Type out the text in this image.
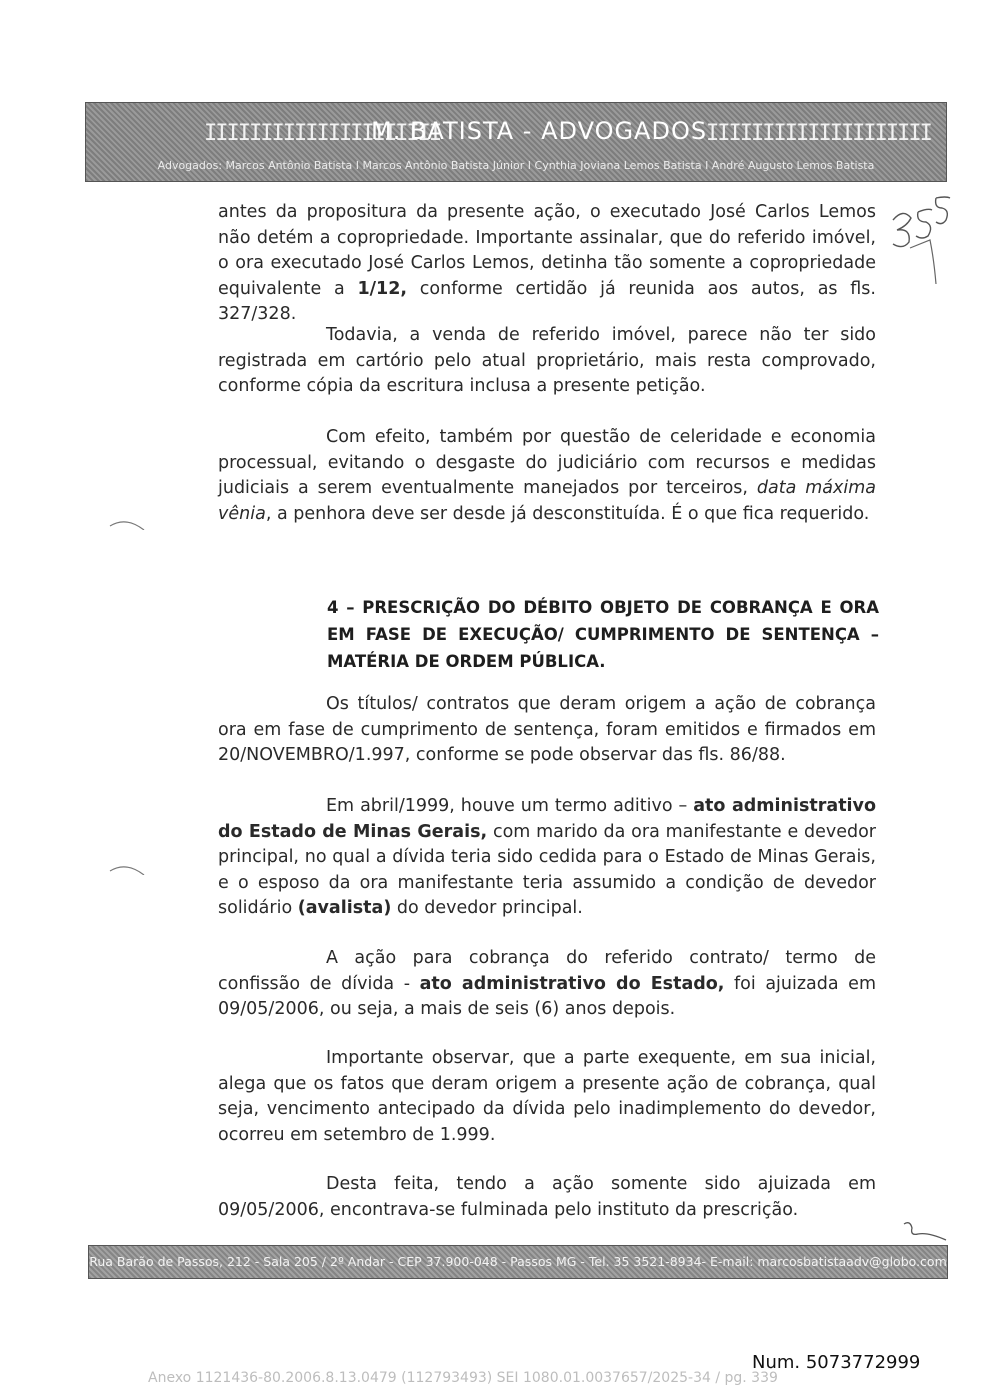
IIIIIIIIIIIIIIIIIIIII
M. BATISTA - ADVOGADOS
IIIIIIIIIIIIIIIIIIII
Advogados: Marcos Antônio Batista I Marcos Antônio Batista Júnior I Cynthia Joviana Lemos Batista I André Augusto Lemos Batista

antes da propositura da presente ação, o executado José Carlos Lemos não detém a copropriedade. Importante assinalar, que do referido imóvel, o ora executado José Carlos Lemos, detinha tão somente a copropriedade equivalente a 1/12, conforme certidão já reunida aos autos, as fls. 327/328.

Todavia, a venda de referido imóvel, parece não ter sido registrada em cartório pelo atual proprietário, mais resta comprovado, conforme cópia da escritura inclusa a presente petição.

Com efeito, também por questão de celeridade e economia processual, evitando o desgaste do judiciário com recursos e medidas judiciais a serem eventualmente manejados por terceiros, data máxima vênia, a penhora deve ser desde já desconstituída. É o que fica requerido.

4 – PRESCRIÇÃO DO DÉBITO OBJETO DE COBRANÇA E ORA EM FASE DE EXECUÇÃO/ CUMPRIMENTO DE SENTENÇA – MATÉRIA DE ORDEM PÚBLICA.

Os títulos/ contratos que deram origem a ação de cobrança ora em fase de cumprimento de sentença, foram emitidos e firmados em 20/NOVEMBRO/1.997, conforme se pode observar das fls. 86/88.

Em abril/1999, houve um termo aditivo – ato administrativo do Estado de Minas Gerais, com marido da ora manifestante e devedor principal, no qual a dívida teria sido cedida para o Estado de Minas Gerais, e o esposo da ora manifestante teria assumido a condição de devedor solidário (avalista) do devedor principal.

A ação para cobrança do referido contrato/ termo de confissão de dívida - ato administrativo do Estado, foi ajuizada em 09/05/2006, ou seja, a mais de seis (6) anos depois.

Importante observar, que a parte exequente, em sua inicial, alega que os fatos que deram origem a presente ação de cobrança, qual seja, vencimento antecipado da dívida pelo inadimplemento do devedor, ocorreu em setembro de 1.999.

Desta feita, tendo a ação somente sido ajuizada em 09/05/2006, encontrava-se fulminada pelo instituto da prescrição.

Rua Barão de Passos, 212 - Sala 205 / 2º Andar - CEP 37.900-048 - Passos MG - Tel. 35 3521-8934- E-mail: marcosbatistaadv@globo.com
Num. 5073772999
Anexo 1121436-80.2006.8.13.0479 (112793493) SEI 1080.01.0037657/2025-34 / pg. 339
